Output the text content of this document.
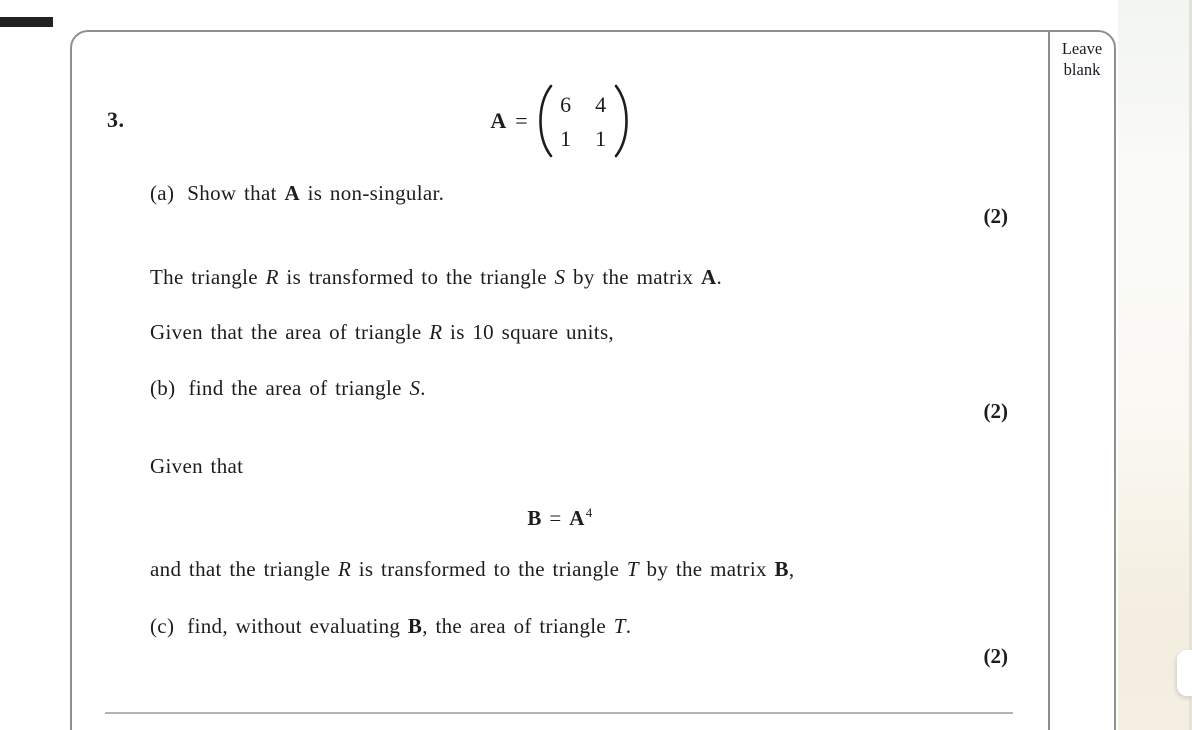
Leave
blank
3.	A =
6 4
1 1
(a) Show that A is non-singular.
(2)
The triangle R is transformed to the triangle S by the matrix A.
Given that the area of triangle R is 10 square units,
(b) find the area of triangle S.
(2)
Given that
$B = A^4$
and that the triangle R is transformed to the triangle T by the matrix B,
(c) find, without evaluating B, the area of triangle T.
(2)
